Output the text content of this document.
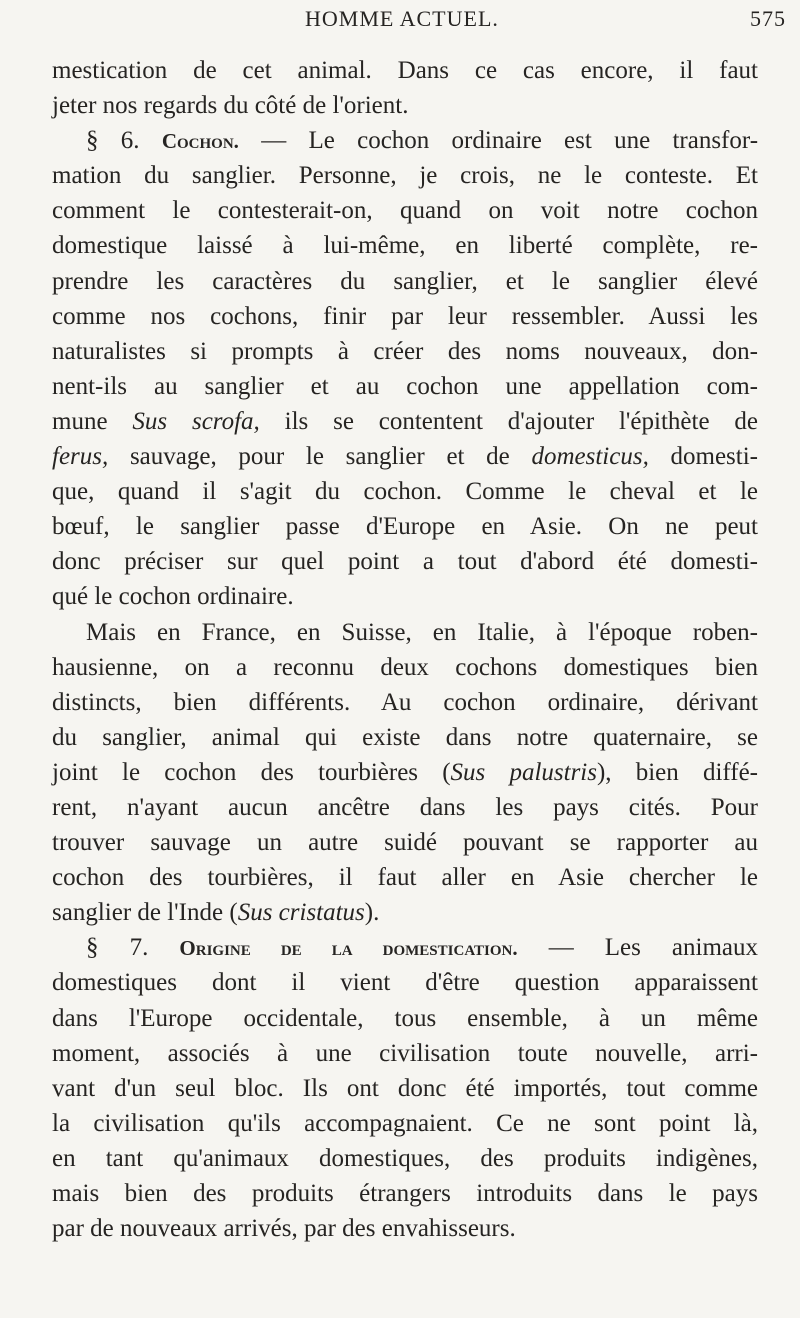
HOMME ACTUEL.	575
mestication de cet animal. Dans ce cas encore, il faut
jeter nos regards du côté de l'orient.
§ 6. Cochon. — Le cochon ordinaire est une transfor-
mation du sanglier. Personne, je crois, ne le conteste. Et
comment le contesterait-on, quand on voit notre cochon
domestique laissé à lui-même, en liberté complète, re-
prendre les caractères du sanglier, et le sanglier élevé
comme nos cochons, finir par leur ressembler. Aussi les
naturalistes si prompts à créer des noms nouveaux, don-
nent-ils au sanglier et au cochon une appellation com-
mune Sus scrofa, ils se contentent d'ajouter l'épithète de
ferus, sauvage, pour le sanglier et de domesticus, domesti-
que, quand il s'agit du cochon. Comme le cheval et le
bœuf, le sanglier passe d'Europe en Asie. On ne peut
donc préciser sur quel point a tout d'abord été domesti-
qué le cochon ordinaire.
Mais en France, en Suisse, en Italie, à l'époque roben-
hausienne, on a reconnu deux cochons domestiques bien
distincts, bien différents. Au cochon ordinaire, dérivant
du sanglier, animal qui existe dans notre quaternaire, se
joint le cochon des tourbières (Sus palustris), bien diffé-
rent, n'ayant aucun ancêtre dans les pays cités. Pour
trouver sauvage un autre suidé pouvant se rapporter au
cochon des tourbières, il faut aller en Asie chercher le
sanglier de l'Inde (Sus cristatus).
§ 7. Origine de la domestication. — Les animaux
domestiques dont il vient d'être question apparaissent
dans l'Europe occidentale, tous ensemble, à un même
moment, associés à une civilisation toute nouvelle, arri-
vant d'un seul bloc. Ils ont donc été importés, tout comme
la civilisation qu'ils accompagnaient. Ce ne sont point là,
en tant qu'animaux domestiques, des produits indigènes,
mais bien des produits étrangers introduits dans le pays
par de nouveaux arrivés, par des envahisseurs.
